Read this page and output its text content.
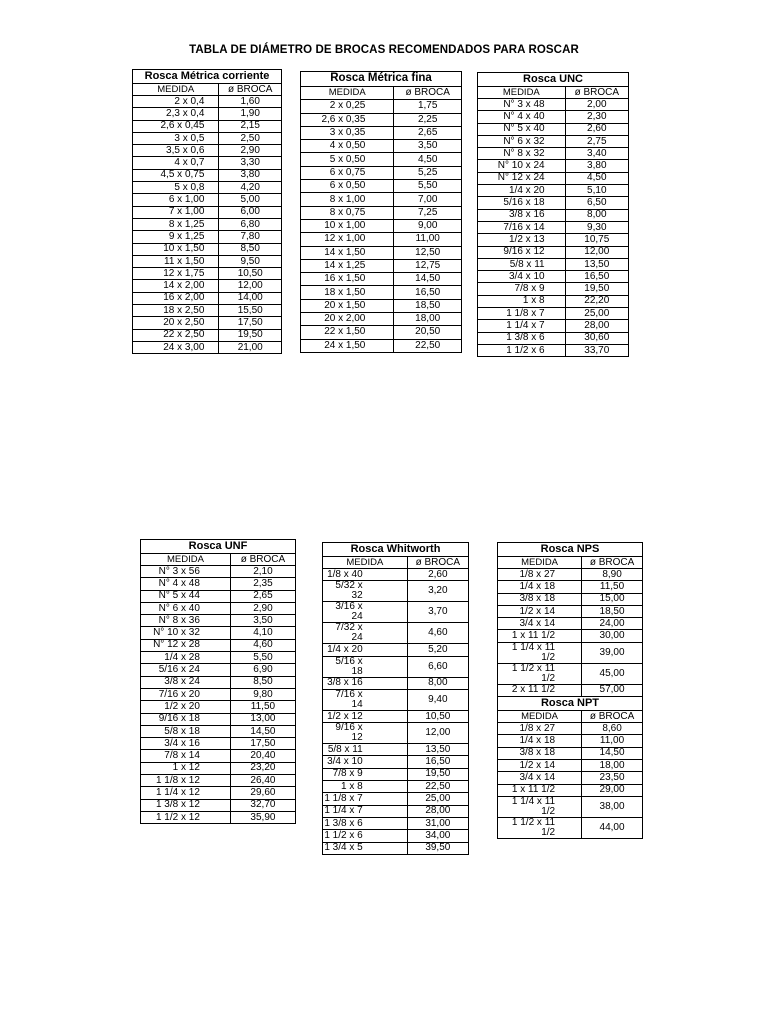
TABLA DE DIÁMETRO DE BROCAS RECOMENDADOS PARA ROSCAR
Rosca Métrica corriente	
MEDIDA	ø BROCA
2 x 0,4	1,60
2,3 x 0,4	1,90
2,6 x 0,45	2,15
3 x 0,5	2,50
3,5 x 0,6	2,90
4 x 0,7	3,30
4,5 x 0,75	3,80
5 x 0,8	4,20
6 x 1,00	5,00
7 x 1,00	6,00
8 x 1,25	6,80
9 x 1,25	7,80
10 x 1,50	8,50
11 x 1,50	9,50
12 x 1,75	10,50
14 x 2,00	12,00
16 x 2,00	14,00
18 x 2,50	15,50
20 x 2,50	17,50
22 x 2,50	19,50
24 x 3,00	21,00
Rosca Métrica fina	
MEDIDA	ø BROCA
2 x 0,25	1,75
2,6 x 0,35	2,25
3 x 0,35	2,65
4 x 0,50	3,50
5 x 0,50	4,50
6 x 0,75	5,25
6 x 0,50	5,50
8 x 1,00	7,00
8 x 0,75	7,25
10 x 1,00	9,00
12 x 1,00	11,00
14 x 1,50	12,50
14 x 1,25	12,75
16 x 1,50	14,50
18 x 1,50	16,50
20 x 1,50	18,50
20 x 2,00	18,00
22 x 1,50	20,50
24 x 1,50	22,50
Rosca UNC	
MEDIDA	ø BROCA
N° 3 x 48	2,00
N° 4 x 40	2,30
N° 5 x 40	2,60
N° 6 x 32	2,75
N° 8 x 32	3,40
N° 10 x 24	3,80
N° 12 x 24	4,50
1/4 x 20	5,10
5/16 x 18	6,50
3/8 x 16	8,00
7/16 x 14	9,30
1/2 x 13	10,75
9/16 x 12	12,00
5/8 x 11	13,50
3/4 x 10	16,50
7/8 x 9	19,50
1 x 8	22,20
1 1/8 x 7	25,00
1 1/4 x 7	28,00
1 3/8 x 6	30,60
1 1/2 x 6	33,70
Rosca UNF	
MEDIDA	ø BROCA
N° 3 x 56	2,10
N° 4 x 48	2,35
N° 5 x 44	2,65
N° 6 x 40	2,90
N° 8 x 36	3,50
N° 10 x 32	4,10
N° 12 x 28	4,60
1/4 x 28	5,50
5/16 x 24	6,90
3/8 x 24	8,50
7/16 x 20	9,80
1/2 x 20	11,50
9/16 x 18	13,00
5/8 x 18	14,50
3/4 x 16	17,50
7/8 x 14	20,40
1 x 12	23,20
1 1/8 x 12	26,40
1 1/4 x 12	29,60
1 3/8 x 12	32,70
1 1/2 x 12	35,90
Rosca Whitworth	
MEDIDA	ø BROCA
1/8 x 40	2,60
5/32 x 32	3,20
3/16 x 24	3,70
7/32 x 24	4,60
1/4 x 20	5,20
5/16 x 18	6,60
3/8 x 16	8,00
7/16 x 14	9,40
1/2 x 12	10,50
9/16 x 12	12,00
5/8 x 11	13,50
3/4 x 10	16,50
7/8 x 9	19,50
1 x 8	22,50
1 1/8 x 7	25,00
1 1/4 x 7	28,00
1 3/8 x 6	31,00
1 1/2 x 6	34,00
1 3/4 x 5	39,50
Rosca NPS	
MEDIDA	ø BROCA
1/8 x 27	8,90
1/4 x 18	11,50
3/8 x 18	15,00
1/2 x 14	18,50
3/4 x 14	24,00
1 x 11 1/2	30,00
1 1/4 x 11 1/2	39,00
1 1/2 x 11 1/2	45,00
2 x 11 1/2	57,00
Rosca NPT	
MEDIDA	ø BROCA
1/8 x 27	8,60
1/4 x 18	11,00
3/8 x 18	14,50
1/2 x 14	18,00
3/4 x 14	23,50
1 x 11 1/2	29,00
1 1/4 x 11 1/2	38,00
1 1/2 x 11 1/2	44,00
